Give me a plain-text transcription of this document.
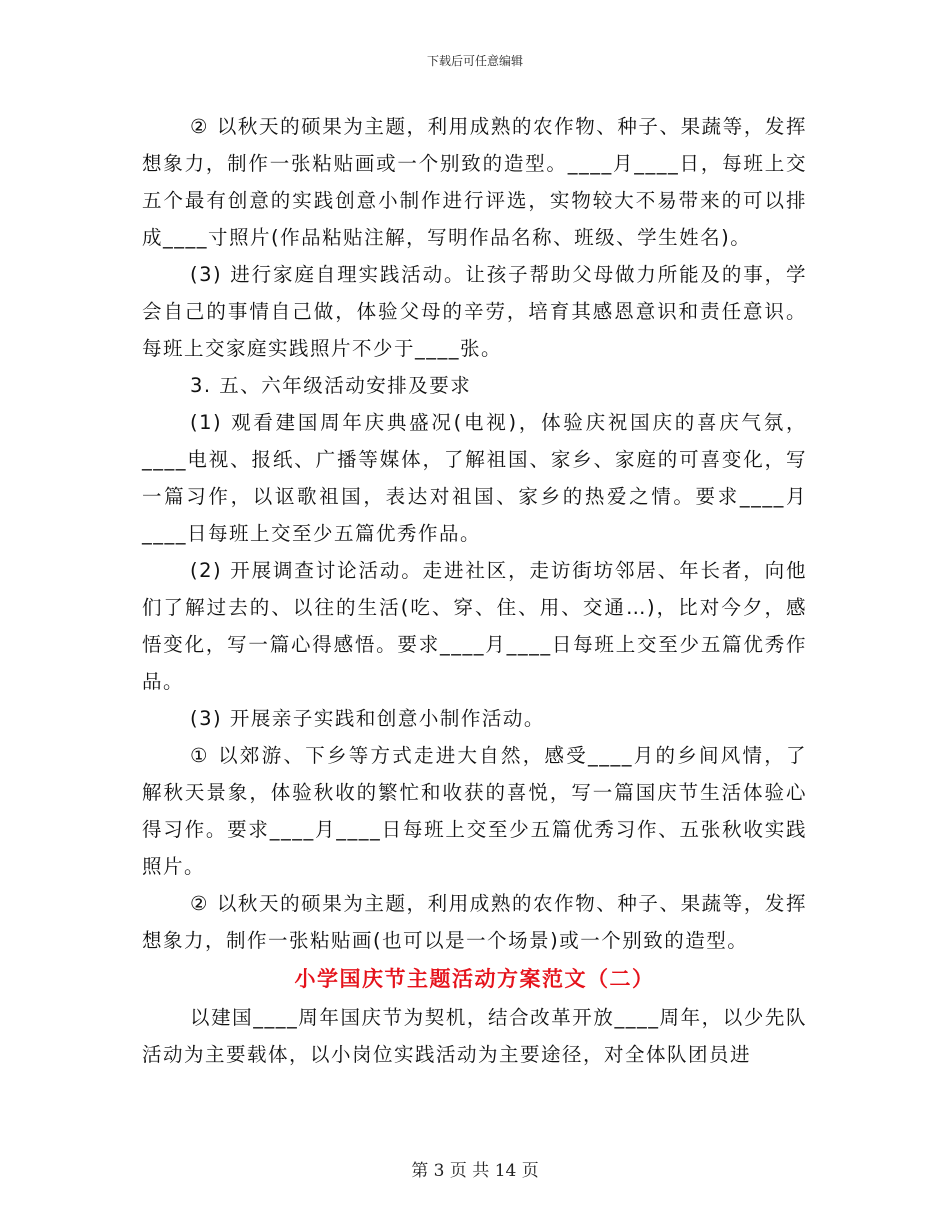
下载后可任意编辑

② 以秋天的硕果为主题，利用成熟的农作物、种子、果蔬等，发挥想象力，制作一张粘贴画或一个别致的造型。____月____日，每班上交五个最有创意的实践创意小制作进行评选，实物较大不易带来的可以排成____寸照片(作品粘贴注解，写明作品名称、班级、学生姓名)。

(3) 进行家庭自理实践活动。让孩子帮助父母做力所能及的事，学会自己的事情自己做，体验父母的辛劳，培育其感恩意识和责任意识。每班上交家庭实践照片不少于____张。

3. 五、六年级活动安排及要求

(1) 观看建国周年庆典盛况(电视)，体验庆祝国庆的喜庆气氛，____电视、报纸、广播等媒体，了解祖国、家乡、家庭的可喜变化，写一篇习作，以讴歌祖国，表达对祖国、家乡的热爱之情。要求____月____日每班上交至少五篇优秀作品。

(2) 开展调查讨论活动。走进社区，走访街坊邻居、年长者，向他们了解过去的、以往的生活(吃、穿、住、用、交通…)，比对今夕，感悟变化，写一篇心得感悟。要求____月____日每班上交至少五篇优秀作品。

(3) 开展亲子实践和创意小制作活动。

① 以郊游、下乡等方式走进大自然，感受____月的乡间风情，了解秋天景象，体验秋收的繁忙和收获的喜悦，写一篇国庆节生活体验心得习作。要求____月____日每班上交至少五篇优秀习作、五张秋收实践照片。

② 以秋天的硕果为主题，利用成熟的农作物、种子、果蔬等，发挥想象力，制作一张粘贴画(也可以是一个场景)或一个别致的造型。

小学国庆节主题活动方案范文（二）

以建国____周年国庆节为契机，结合改革开放____周年，以少先队活动为主要载体，以小岗位实践活动为主要途径，对全体队团员进

第 3 页 共 14 页
